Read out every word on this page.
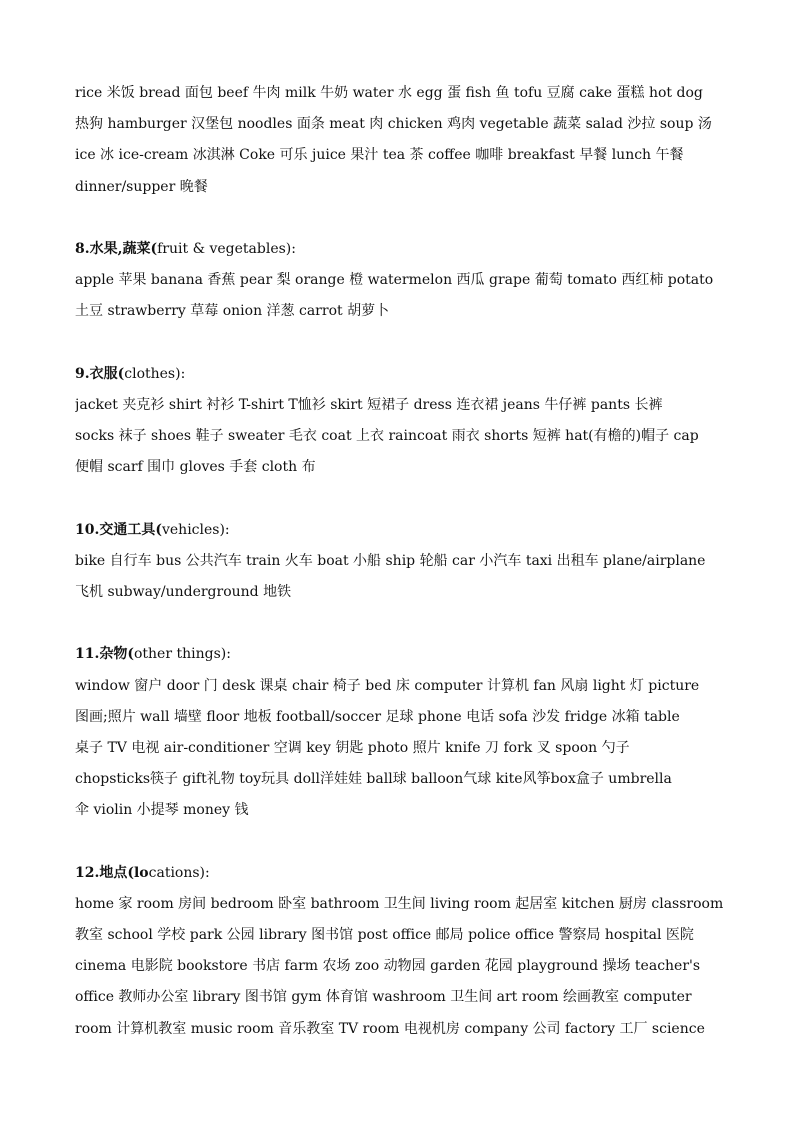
rice 米饭 bread 面包 beef 牛肉 milk 牛奶 water 水 egg 蛋 fish 鱼 tofu 豆腐 cake 蛋糕 hot dog
热狗 hamburger 汉堡包 noodles 面条 meat 肉 chicken 鸡肉 vegetable 蔬菜 salad 沙拉 soup 汤
ice 冰 ice-cream 冰淇淋 Coke 可乐 juice 果汁 tea 茶 coffee 咖啡 breakfast 早餐 lunch 午餐
dinner/supper 晚餐
8.水果,蔬菜(fruit & vegetables):
apple 苹果 banana 香蕉 pear 梨 orange 橙 watermelon 西瓜 grape 葡萄 tomato 西红柿 potato
土豆 strawberry 草莓 onion 洋葱 carrot 胡萝卜
9.衣服(clothes):
jacket 夹克衫 shirt 衬衫 T-shirt T恤衫 skirt 短裙子 dress 连衣裙 jeans 牛仔裤 pants 长裤
socks 袜子 shoes 鞋子 sweater 毛衣 coat 上衣 raincoat 雨衣 shorts 短裤 hat(有檐的)帽子 cap
便帽 scarf 围巾 gloves 手套 cloth 布
10.交通工具(vehicles):
bike 自行车 bus 公共汽车 train 火车 boat 小船 ship 轮船 car 小汽车 taxi 出租车 plane/airplane
飞机 subway/underground 地铁
11.杂物(other things):
window 窗户 door 门 desk 课桌 chair 椅子 bed 床 computer 计算机 fan 风扇 light 灯 picture
图画;照片 wall 墙壁 floor 地板 football/soccer 足球 phone 电话 sofa 沙发 fridge 冰箱 table
桌子 TV 电视 air-conditioner 空调 key 钥匙 photo 照片 knife 刀 fork 叉 spoon 勺子
chopsticks筷子 gift礼物 toy玩具 doll洋娃娃 ball球 balloon气球 kite风筝box盒子 umbrella
伞 violin 小提琴 money 钱
12.地点(locations):
home 家 room 房间 bedroom 卧室 bathroom 卫生间 living room 起居室 kitchen 厨房 classroom
教室 school 学校 park 公园 library 图书馆 post office 邮局 police office 警察局 hospital 医院
cinema 电影院 bookstore 书店 farm 农场 zoo 动物园 garden 花园 playground 操场 teacher's
office 教师办公室 library 图书馆 gym 体育馆 washroom 卫生间 art room 绘画教室 computer
room 计算机教室 music room 音乐教室 TV room 电视机房 company 公司 factory 工厂 science
